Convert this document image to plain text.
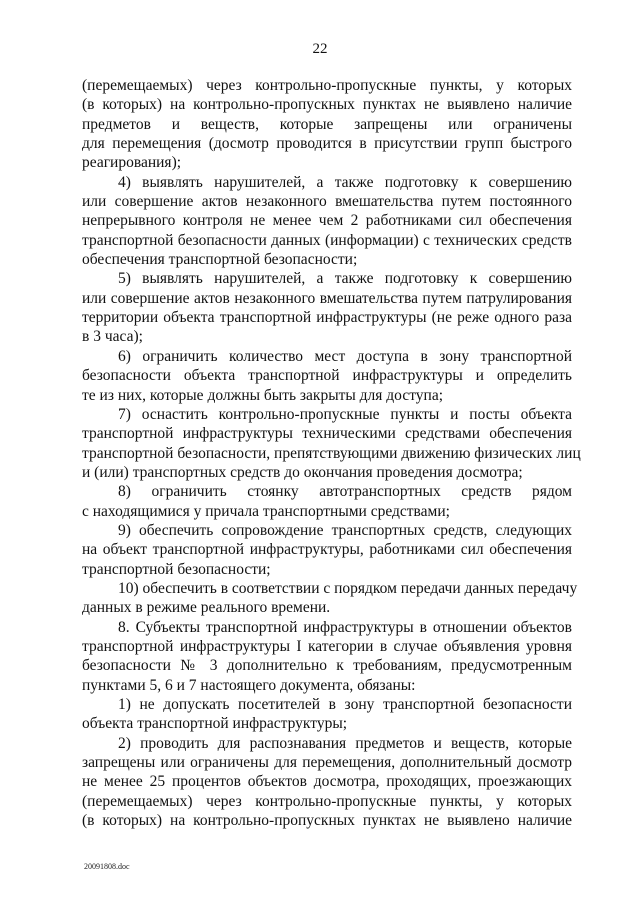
22
(перемещаемых) через контрольно-пропускные пункты, у которых
(в которых) на контрольно-пропускных пунктах не выявлено наличие
предметов и веществ, которые запрещены или ограничены
для перемещения (досмотр проводится в присутствии групп быстрого
реагирования);
4) выявлять нарушителей, а также подготовку к совершению
или совершение актов незаконного вмешательства путем постоянного
непрерывного контроля не менее чем 2 работниками сил обеспечения
транспортной безопасности данных (информации) с технических средств
обеспечения транспортной безопасности;
5) выявлять нарушителей, а также подготовку к совершению
или совершение актов незаконного вмешательства путем патрулирования
территории объекта транспортной инфраструктуры (не реже одного раза
в 3 часа);
6) ограничить количество мест доступа в зону транспортной
безопасности объекта транспортной инфраструктуры и определить
те из них, которые должны быть закрыты для доступа;
7) оснастить контрольно-пропускные пункты и посты объекта
транспортной инфраструктуры техническими средствами обеспечения
транспортной безопасности, препятствующими движению физических лиц
и (или) транспортных средств до окончания проведения досмотра;
8) ограничить стоянку автотранспортных средств рядом
с находящимися у причала транспортными средствами;
9) обеспечить сопровождение транспортных средств, следующих
на объект транспортной инфраструктуры, работниками сил обеспечения
транспортной безопасности;
10) обеспечить в соответствии с порядком передачи данных передачу
данных в режиме реального времени.
8. Субъекты транспортной инфраструктуры в отношении объектов
транспортной инфраструктуры I категории в случае объявления уровня
безопасности № 3 дополнительно к требованиям, предусмотренным
пунктами 5, 6 и 7 настоящего документа, обязаны:
1) не допускать посетителей в зону транспортной безопасности
объекта транспортной инфраструктуры;
2) проводить для распознавания предметов и веществ, которые
запрещены или ограничены для перемещения, дополнительный досмотр
не менее 25 процентов объектов досмотра, проходящих, проезжающих
(перемещаемых) через контрольно-пропускные пункты, у которых
(в которых) на контрольно-пропускных пунктах не выявлено наличие
20091808.doc
